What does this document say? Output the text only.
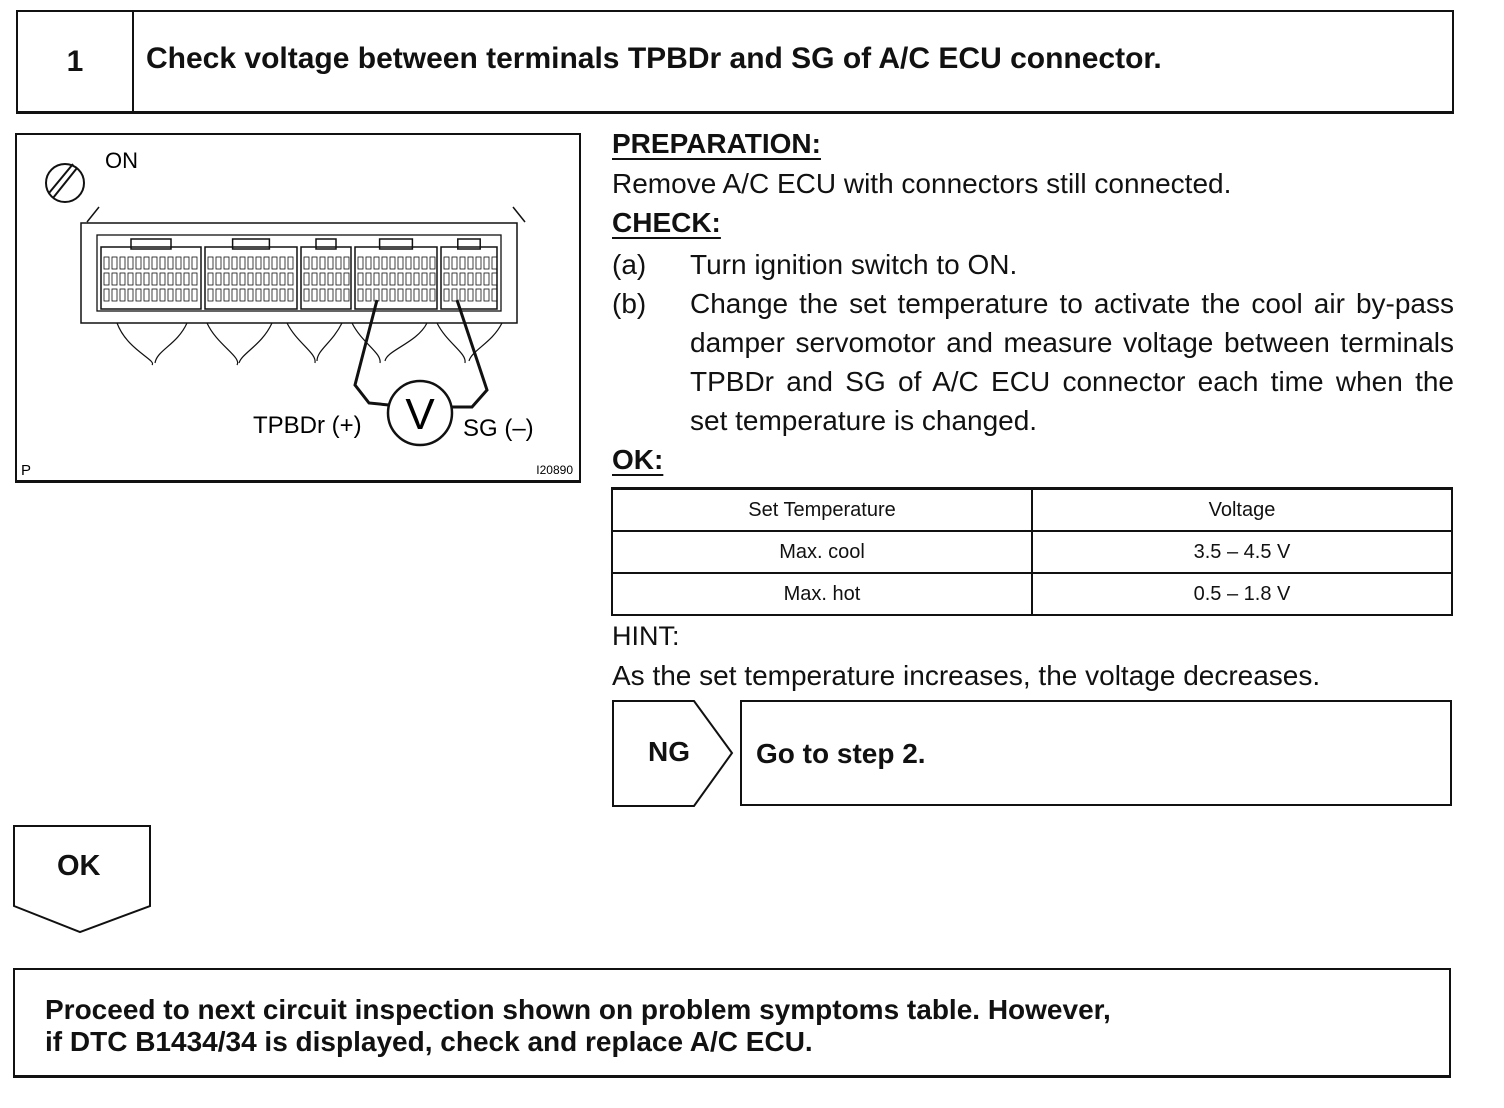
1	Check voltage between terminals TPBDr and SG of A/C ECU connector.
ON
V
TPBDr (+)	SG (–)
P	I20890
PREPARATION:
Remove A/C ECU with connectors still connected.
CHECK:
(a)	Turn ignition switch to ON.
(b)	Change the set temperature to activate the cool air by-pass damper servomotor and measure voltage between terminals TPBDr and SG of A/C ECU connector each time when the set temperature is changed.
OK:
Set Temperature	Voltage
Max. cool	3.5 – 4.5 V
Max. hot	0.5 – 1.8 V
HINT:
As the set temperature increases, the voltage decreases.
NG Go to step 2.
OK
Proceed to next circuit inspection shown on problem symptoms table. However,
if DTC B1434/34 is displayed, check and replace A/C ECU.
